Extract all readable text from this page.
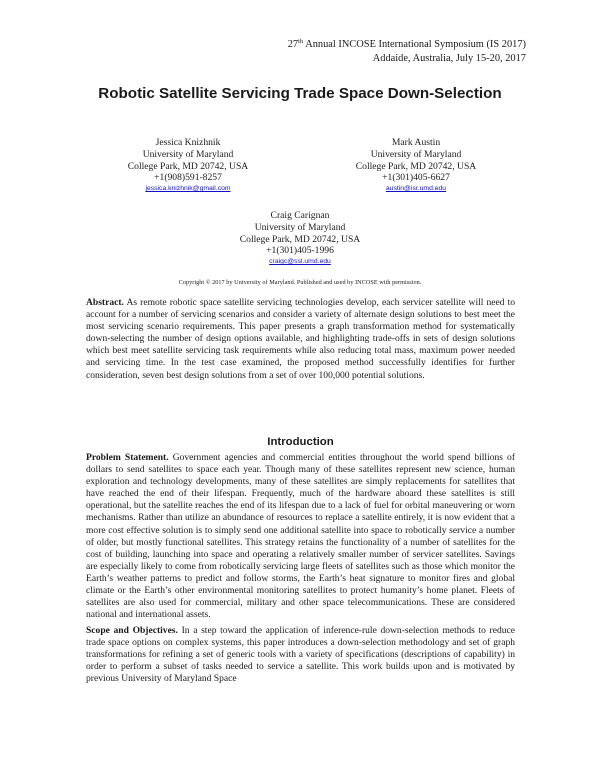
27th Annual INCOSE International Symposium (IS 2017)
Addaide, Australia, July 15-20, 2017
Robotic Satellite Servicing Trade Space Down-Selection
Jessica Knizhnik
University of Maryland
College Park, MD 20742, USA
+1(908)591-8257
jessica.knizhnik@gmail.com
Mark Austin
University of Maryland
College Park, MD 20742, USA
+1(301)405-6627
austin@isr.umd.edu
Craig Carignan
University of Maryland
College Park, MD 20742, USA
+1(301)405-1996
craigc@ssl.umd.edu
Copyright © 2017 by University of Maryland. Published and used by INCOSE with permission.

Abstract. As remote robotic space satellite servicing technologies develop, each servicer satellite will need to account for a number of servicing scenarios and consider a variety of alternate design solutions to best meet the most servicing scenario requirements. This paper presents a graph transformation method for systematically down-selecting the number of design options available, and highlighting trade-offs in sets of design solutions which best meet satellite servicing task requirements while also reducing total mass, maximum power needed and servicing time. In the test case examined, the proposed method successfully identifies for further consideration, seven best design solutions from a set of over 100,000 potential solutions.

Introduction

Problem Statement. Government agencies and commercial entities throughout the world spend billions of dollars to send satellites to space each year. Though many of these satellites represent new science, human exploration and technology developments, many of these satellites are simply replacements for satellites that have reached the end of their lifespan. Frequently, much of the hardware aboard these satellites is still operational, but the satellite reaches the end of its lifespan due to a lack of fuel for orbital maneuvering or worn mechanisms. Rather than utilize an abundance of resources to replace a satellite entirely, it is now evident that a more cost effective solution is to simply send one additional satellite into space to robotically service a number of older, but mostly functional satellites. This strategy retains the functionality of a number of satellites for the cost of building, launching into space and operating a relatively smaller number of servicer satellites. Savings are especially likely to come from robotically servicing large fleets of satellites such as those which monitor the Earth’s weather patterns to predict and follow storms, the Earth’s heat signature to monitor fires and global climate or the Earth’s other environmental monitoring satellites to protect humanity’s home planet. Fleets of satellites are also used for commercial, military and other space telecommunications. These are considered national and international assets.

Scope and Objectives. In a step toward the application of inference-rule down-selection methods to reduce trade space options on complex systems, this paper introduces a down-selection methodology and set of graph transformations for refining a set of generic tools with a variety of specifications (descriptions of capability) in order to perform a subset of tasks needed to service a satellite. This work builds upon and is motivated by previous University of Maryland Space
